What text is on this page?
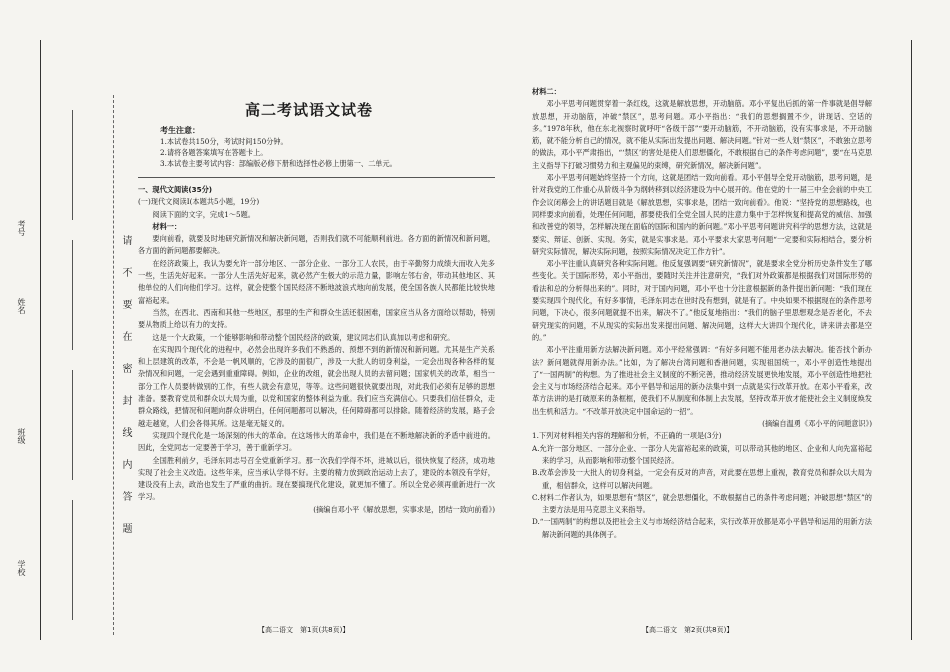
考号
姓名
班级
学校
请不要在密封线内答题
高二考试语文试卷
考生注意：
1.本试卷共150分，考试时间150分钟。
2.请将各题答案填写在答题卡上。
3.本试卷主要考试内容：部编版必修下册和选择性必修上册第一、二单元。

一、现代文阅读(35分)

(一)现代文阅读Ⅰ(本题共5小题，19分)

阅读下面的文字，完成1～5题。

材料一：

要向前看，就要及时地研究新情况和解决新问题，否则我们就不可能顺利前进。各方面的新情况和新问题，各方面的新问题都要解决。

在经济政策上，我认为要允许一部分地区、一部分企业、一部分工人农民，由于辛勤努力成绩大而收入先多一些，生活先好起来。一部分人生活先好起来，就必然产生极大的示范力量，影响左邻右舍，带动其他地区、其他单位的人们向他们学习。这样，就会使整个国民经济不断地波浪式地向前发展，使全国各族人民都能比较快地富裕起来。

当然，在西北、西南和其他一些地区，那里的生产和群众生活还很困难，国家应当从各方面给以帮助，特别要从物质上给以有力的支持。

这是一个大政策，一个能够影响和带动整个国民经济的政策，建议同志们认真加以考虑和研究。

在实现四个现代化的进程中，必然会出现许多我们不熟悉的、预想不到的新情况和新问题。尤其是生产关系和上层建筑的改革，不会是一帆风顺的，它涉及的面很广，涉及一大批人的切身利益，一定会出现各种各样的复杂情况和问题，一定会遇到重重障碍。例如，企业的改组，就会出现人员的去留问题；国家机关的改革，相当一部分工作人员要转做别的工作，有些人就会有意见，等等。这些问题很快就要出现，对此我们必须有足够的思想准备。要教育党员和群众以大局为重，以党和国家的整体利益为重。我们应当充满信心。只要我们信任群众，走群众路线，把情况和问题向群众讲明白，任何问题都可以解决，任何障碍都可以排除。随着经济的发展，路子会越走越宽，人们会各得其所。这是毫无疑义的。

实现四个现代化是一场深刻的伟大的革命。在这场伟大的革命中，我们是在不断地解决新的矛盾中前进的。因此，全党同志一定要善于学习，善于重新学习。

全国胜利前夕，毛泽东同志号召全党重新学习。那一次我们学得不坏，进城以后，很快恢复了经济，成功地实现了社会主义改造。这些年来，应当承认学得不好。主要的精力放到政治运动上去了，建设的本领没有学好，建设没有上去，政治也发生了严重的曲折。现在要搞现代化建设，就更加不懂了。所以全党必须再重新进行一次学习。

(摘编自邓小平《解放思想，实事求是，团结一致向前看》)

【高二语文　第1页(共8页)】

材料二：

邓小平思考问题贯穿着一条红线，这就是解放思想，开动脑筋。邓小平复出后抓的第一件事就是倡导解放思想，开动脑筋，冲破“禁区”，思考问题。邓小平指出：“我们的思想搁置不少，讲现话、空话的多。”1978年秋，他在东北视察时就呼吁“各级干部”“要开动脑筋，不开动脑筋，没有实事求是，不开动脑筋，就不能分析自己的情况，就不能从实际出发提出问题、解决问题。”针对一些人划“禁区”，不敢独立思考的做法，邓小平严肃指出，“‘禁区’的害处是使人们思想僵化，不敢根据自己的条件考虑问题”，要“在马克思主义指导下打破习惯势力和主观偏见的束缚，研究新情况，解决新问题”。

邓小平思考问题始终坚持一个方向，这就是团结一致向前看。邓小平倡导全党开动脑筋，思考问题，是针对我党的工作重心从阶级斗争为纲转移到以经济建设为中心展开的。他在党的十一届三中全会前的中央工作会议闭幕会上的讲话题目就是《解放思想，实事求是，团结一致向前看》。他说：“坚持党的思想路线，也同样要求向前看，处理任何问题，都要使我们全党全国人民的注意力集中于怎样恢复和提高党的威信、加强和改善党的领导，怎样解决现在面临的国际和国内的新问题。”邓小平思考问题讲究科学的思想方法，这就是要实、辩证、创新、实现。务实，就是实事求是。邓小平要求大家思考问题“一定要和实际相结合，要分析研究实际情况，解决实际问题，按照实际情况决定工作方针”。

邓小平注重认真研究各种实际问题。他反复强调要“研究新情况”，就是要求全党分析历史条件发生了哪些变化。关于国际形势，邓小平指出，要随时关注并注意研究，“我们对外政策都是根据我们对国际形势的看法和总的分析得出来的”。同时，对于国内问题，邓小平也十分注意根据新的条件提出新问题：“我们现在要实现四个现代化，有好多事情，毛泽东同志在世时没有想到，就是有了。中央如果不根据现在的条件思考问题，下决心，很多问题就提不出来，解决不了。”他反复地指出：“我们的脑子里思想观念是否老化，不去研究现实的问题，不从现实的实际出发来提出问题、解决问题，这样大大讲四个现代化，讲来讲去都是空的。”

邓小平注重用新方法解决新问题。邓小平经常强调：“有好多问题不能用老办法去解决。能否找个新办法？新问题就得用新办法。”比如，为了解决台湾问题和香港问题，实现祖国统一，邓小平创造性地提出了“一国两制”的构想。为了推进社会主义制度的不断完善，推动经济发展更快地发展，邓小平创造性地把社会主义与市场经济结合起来。邓小平倡导和运用的新办法集中到一点就是实行改革开放。在邓小平看来，改革方法讲的是打破原来的条框框，使我们不从制度和体制上去发展，坚持改革开放才能使社会主义制度焕发出生机和活力。“不改革开放决定中国命运的一招”。

(摘编自温勇《邓小平的问题意识》)

1.下列对材料相关内容的理解和分析，不正确的一项是(3分)

A.允许一部分地区、一部分企业、一部分人先富裕起来的政策，可以带动其他的地区、企业和人向先富裕起来的学习，从而影响和带动整个国民经济。

B.改革会涉及一大批人的切身利益，一定会有反对的声音，对此要在思想上重视，教育党员和群众以大局为重，相信群众，这样可以解决问题。

C.材料二作者认为，如果思想有“禁区”，就会思想僵化，不敢根据自己的条件考虑问题；冲破思想“禁区”的主要方法是用马克思主义来指导。

D.“一国两制”的构想以及把社会主义与市场经济结合起来，实行改革开放都是邓小平倡导和运用的用新方法解决新问题的具体例子。

【高二语文　第2页(共8页)】
